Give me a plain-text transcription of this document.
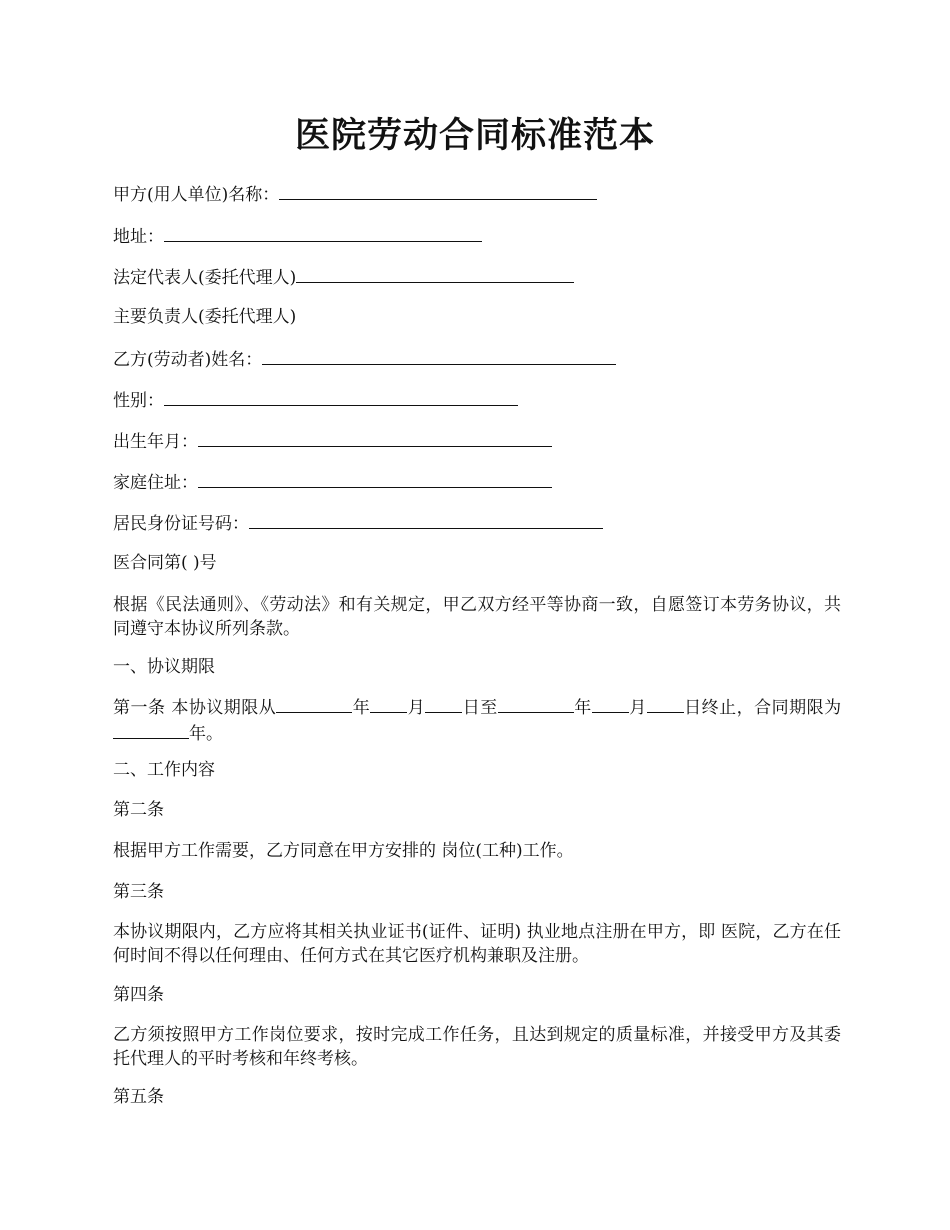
医院劳动合同标准范本
甲方(用人单位)名称：
地址：
法定代表人(委托代理人)
主要负责人(委托代理人)
乙方(劳动者)姓名：
性别：
出生年月：
家庭住址：
居民身份证号码：
医合同第( )号
根据《民法通则》、《劳动法》和有关规定，甲乙双方经平等协商一致，自愿签订本劳务协议，共同遵守本协议所列条款。
一、协议期限
第一条 本协议期限从	年 月 日至	年 月 日终止，合同期限为年。
二、工作内容
第二条
根据甲方工作需要，乙方同意在甲方安排的 岗位(工种)工作。
第三条
本协议期限内，乙方应将其相关执业证书(证件、证明) 执业地点注册在甲方，即 医院，乙方在任何时间不得以任何理由、任何方式在其它医疗机构兼职及注册。
第四条
乙方须按照甲方工作岗位要求，按时完成工作任务，且达到规定的质量标准，并接受甲方及其委托代理人的平时考核和年终考核。
第五条
